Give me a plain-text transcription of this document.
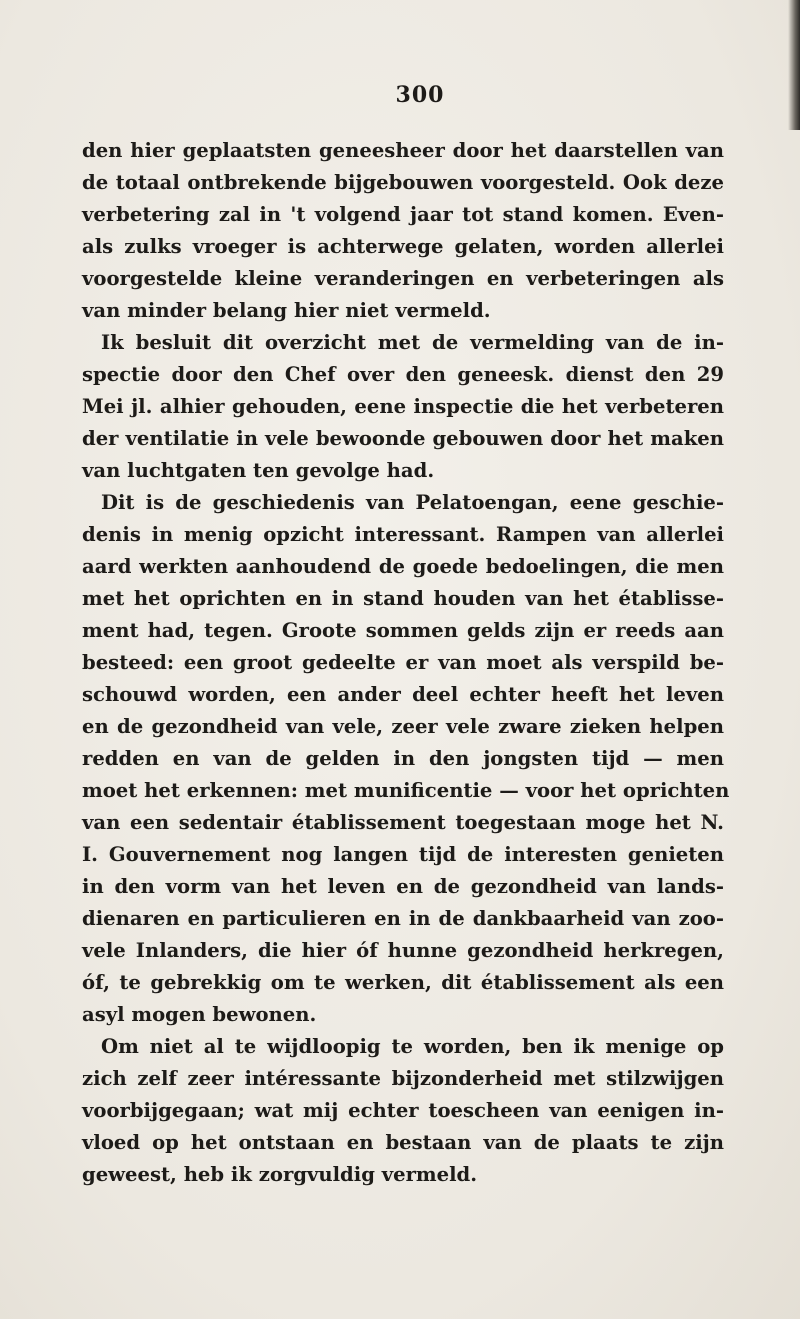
300
den hier geplaatsten geneesheer door het daarstellen van
de totaal ontbrekende bijgebouwen voorgesteld. Ook deze
verbetering zal in 't volgend jaar tot stand komen. Even-
als zulks vroeger is achterwege gelaten, worden allerlei
voorgestelde kleine veranderingen en verbeteringen als
van minder belang hier niet vermeld.
Ik besluit dit overzicht met de vermelding van de in-
spectie door den Chef over den geneesk. dienst den 29
Mei jl. alhier gehouden, eene inspectie die het verbeteren
der ventilatie in vele bewoonde gebouwen door het maken
van luchtgaten ten gevolge had.
Dit is de geschiedenis van Pelatoengan, eene geschie-
denis in menig opzicht interessant. Rampen van allerlei
aard werkten aanhoudend de goede bedoelingen, die men
met het oprichten en in stand houden van het établisse-
ment had, tegen. Groote sommen gelds zijn er reeds aan
besteed: een groot gedeelte er van moet als verspild be-
schouwd worden, een ander deel echter heeft het leven
en de gezondheid van vele, zeer vele zware zieken helpen
redden en van de gelden in den jongsten tijd — men
moet het erkennen: met munificentie — voor het oprichten
van een sedentair établissement toegestaan moge het N.
I. Gouvernement nog langen tijd de interesten genieten
in den vorm van het leven en de gezondheid van lands-
dienaren en particulieren en in de dankbaarheid van zoo-
vele Inlanders, die hier óf hunne gezondheid herkregen,
óf, te gebrekkig om te werken, dit établissement als een
asyl mogen bewonen.
Om niet al te wijdloopig te worden, ben ik menige op
zich zelf zeer intéressante bijzonderheid met stilzwijgen
voorbijgegaan; wat mij echter toescheen van eenigen in-
vloed op het ontstaan en bestaan van de plaats te zijn
geweest, heb ik zorgvuldig vermeld.
